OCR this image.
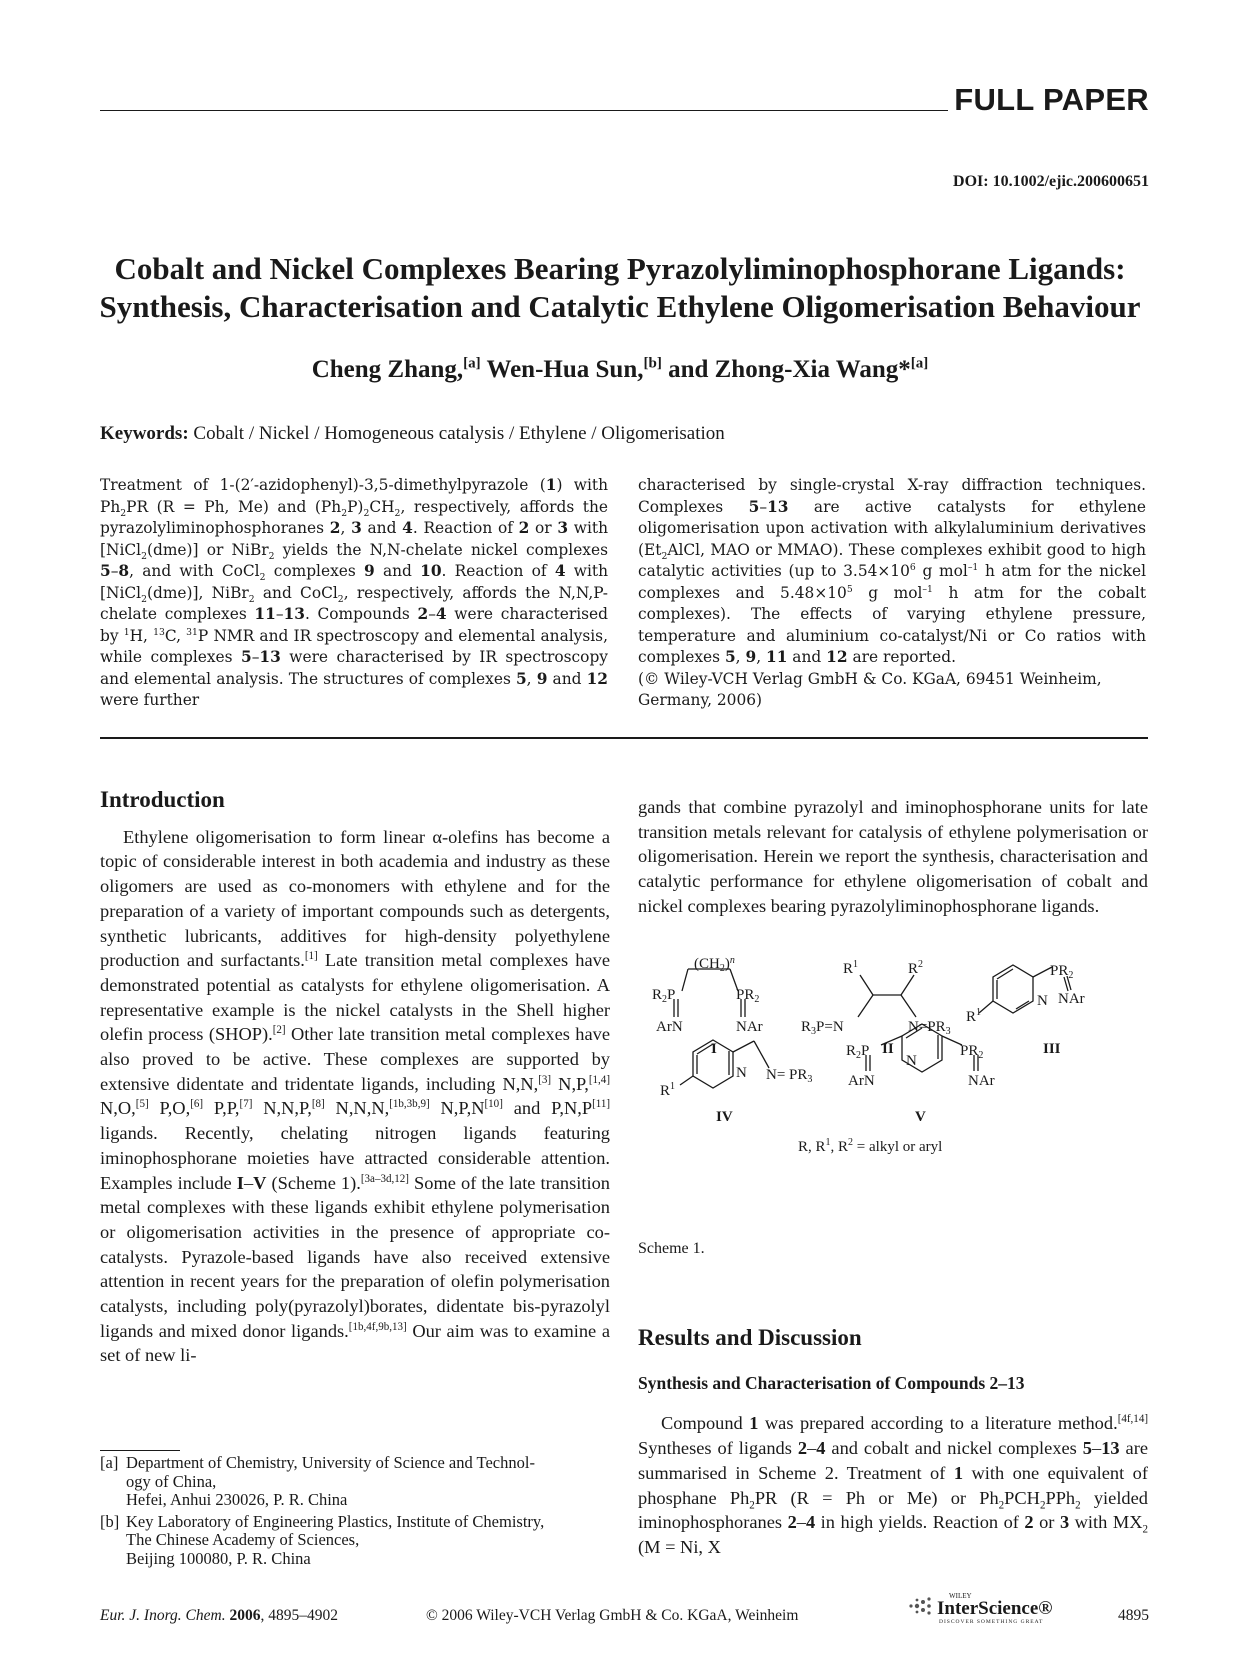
FULL PAPER
DOI: 10.1002/ejic.200600651
Cobalt and Nickel Complexes Bearing Pyrazolyliminophosphorane Ligands:
Synthesis, Characterisation and Catalytic Ethylene Oligomerisation Behaviour
Cheng Zhang,[a] Wen-Hua Sun,[b] and Zhong-Xia Wang*[a]
Keywords: Cobalt / Nickel / Homogeneous catalysis / Ethylene / Oligomerisation

Treatment of 1-(2′-azidophenyl)-3,5-dimethylpyrazole (1) with $Ph_2PR$ (R = Ph, Me) and $(Ph_2P)_2CH_2$, respectively, affords the pyrazolyliminophosphoranes 2, 3 and 4. Reaction of 2 or 3 with [NiCl$_2$(dme)] or NiBr$_2$ yields the N,N-chelate nickel complexes 5–8, and with CoCl$_2$ complexes 9 and 10. Reaction of 4 with [NiCl$_2$(dme)], NiBr$_2$ and CoCl$_2$, respectively, affords the N,N,P-chelate complexes 11–13. Compounds 2–4 were characterised by $^1$H, $^{13}$C, $^{31}$P NMR and IR spectroscopy and elemental analysis, while complexes 5–13 were characterised by IR spectroscopy and elemental analysis. The structures of complexes 5, 9 and 12 were further

characterised by single-crystal X-ray diffraction techniques. Complexes 5–13 are active catalysts for ethylene oligomerisation upon activation with alkylaluminium derivatives ($Et_2AlCl$, MAO or MMAO). These complexes exhibit good to high catalytic activities (up to $3.54\times 10^6$ g mol$^{-1}$ h atm for the nickel complexes and $5.48\times 10^5$ g mol$^{-1}$ h atm for the cobalt complexes). The effects of varying ethylene pressure, temperature and aluminium co-catalyst/Ni or Co ratios with complexes 5, 9, 11 and 12 are reported.

(© Wiley-VCH Verlag GmbH & Co. KGaA, 69451 Weinheim, Germany, 2006)

Introduction

Ethylene oligomerisation to form linear α-olefins has become a topic of considerable interest in both academia and industry as these oligomers are used as co-monomers with ethylene and for the preparation of a variety of important compounds such as detergents, synthetic lubricants, additives for high-density polyethylene production and surfactants.[1] Late transition metal complexes have demonstrated potential as catalysts for ethylene oligomerisation. A representative example is the nickel catalysts in the Shell higher olefin process (SHOP).[2] Other late transition metal complexes have also proved to be active. These complexes are supported by extensive didentate and tridentate ligands, including N,N,[3] N,P,[1,4] N,O,[5] P,O,[6] P,P,[7] N,N,P,[8] N,N,N,[1b,3b,9] N,P,N[10] and P,N,P[11] ligands. Recently, chelating nitrogen ligands featuring iminophosphorane moieties have attracted considerable attention. Examples include I–V (Scheme 1).[3a–3d,12] Some of the late transition metal complexes with these ligands exhibit ethylene polymerisation or oligomerisation activities in the presence of appropriate co-catalysts. Pyrazole-based ligands have also received extensive attention in recent years for the preparation of olefin polymerisation catalysts, including poly(pyrazolyl)borates, didentate bis-pyrazolyl ligands and mixed donor ligands.[1b,4f,9b,13] Our aim was to examine a set of new li-

[a] Department of Chemistry, University of Science and Technol-
ogy of China,
Hefei, Anhui 230026, P. R. China
[b] Key Laboratory of Engineering Plastics, Institute of Chemistry,
The Chinese Academy of Sciences,
Beijing 100080, P. R. China

gands that combine pyrazolyl and iminophosphorane units for late transition metals relevant for catalysis of ethylene polymerisation or oligomerisation. Herein we report the synthesis, characterisation and catalytic performance for ethylene oligomerisation of cobalt and nickel complexes bearing pyrazolyliminophosphorane ligands.

$(CH_2)^n$
$R_2P$	$PR_2$
ArN	NAr
I
$R^1$	$R^2$
$R_3P=N$	$N=PR_3$
II
$PR_2$
NAr
N
$R^1$
III
N $N= PR_3$
$R^1$
IV
N
$R_2P$	$PR_2$
ArN	NAr
V
R, $R^1$, $R^2$ = alkyl or aryl
Scheme 1.
Results and Discussion
Synthesis and Characterisation of Compounds 2–13

Compound 1 was prepared according to a literature method.[4f,14] Syntheses of ligands 2–4 and cobalt and nickel complexes 5–13 are summarised in Scheme 2. Treatment of 1 with one equivalent of phosphane $Ph_2PR$ (R = Ph or Me) or $Ph_2PCH_2PPh_2$ yielded iminophosphoranes 2–4 in high yields. Reaction of 2 or 3 with $MX_2$ (M = Ni, X

Eur. J. Inorg. Chem. 2006, 4895–4902	© 2006 Wiley-VCH Verlag GmbH & Co. KGaA, Weinheim
WILEY
InterScience®
DISCOVER SOMETHING GREAT	4895
